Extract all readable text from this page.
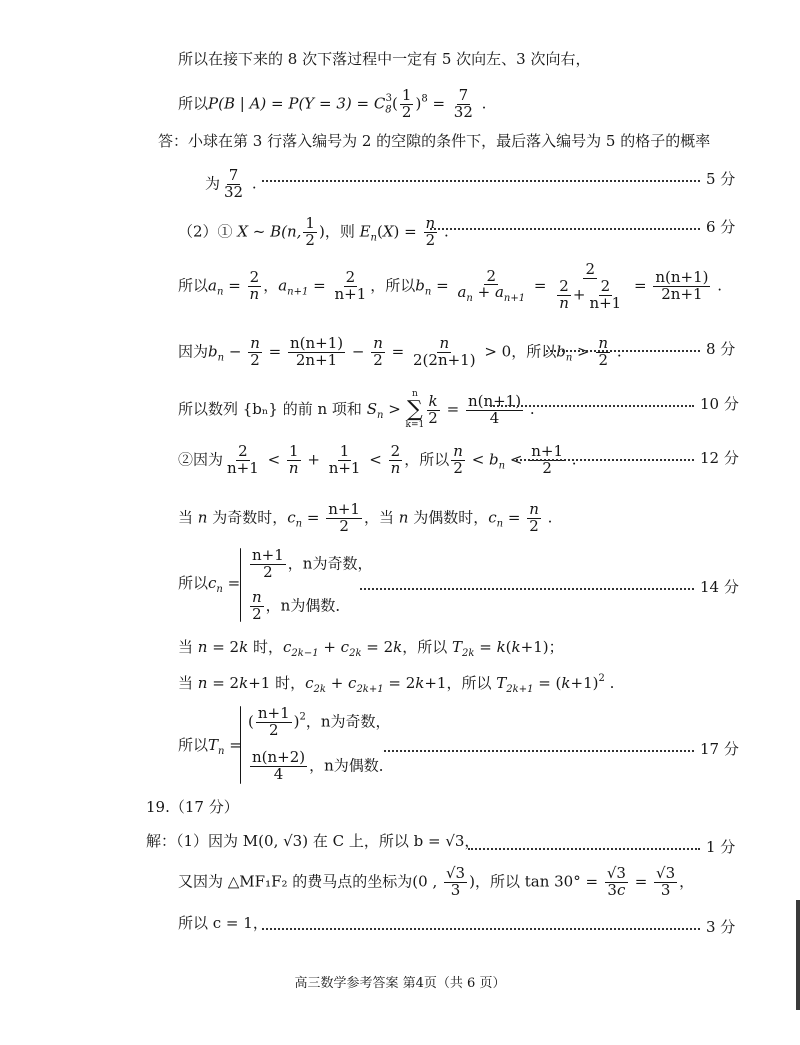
所以在接下来的 8 次下落过程中一定有 5 次向左、3 次向右，
所以P(B | $A) = P(Y = 3) = C_8^3( \frac{1}{2} )^8 = \frac{7}{32}$ .
答：小球在第 3 行落入编号为 2 的空隙的条件下，最后落入编号为 5 的格子的概率
为 $\frac{7}{32}$ .	5 分
（2）① X ~ B(n, $\frac{1}{2}$ )，则 $E_n(X) = \frac{n}{2}$ .	6 分
所以$a_n = \frac{2}{n}$ ，$a_{n+1} = \frac{2}{n+1}$ ，所以$b_n = \frac{2}{a_n + a_{n+1}} = \frac{2}{\frac{2}{n} + \frac{2}{n+1}} = \frac{n(n+1)}{2n+1}$ .
因为$b_n - \frac{n}{2} = \frac{n(n+1)}{2n+1} - \frac{n}{2} = \frac{n}{2(2n+1)} > 0$，所以$b_n > \frac{n}{2}$ .	8 分
所以数列 {bₙ} 的前 n 项和 $S_n$ >
n
∑
$k=1 \frac{k}{2} = \frac{n(n+1)}{4}$ .	10 分
②因为 $\frac{2}{n+1} < \frac{1}{n} + \frac{1}{n+1} < \frac{2}{n}$ ，所以 $\frac{n}{2} < b_n < \frac{n+1}{2}$ .	12 分
当 n 为奇数时，$c_n = \frac{n+1}{2}$ ，当 n 为偶数时，$c_n = \frac{n}{2}$ .
所以$c_n$ =
$\frac{n+1}{2}$ ，n为奇数，
$\frac{n}{2}$ ，n为偶数．
14 分
当 n = 2k 时，$c_{2k-1} + c_{2k} = 2k$，所以 $T_{2k} = k(k+1)$；
当 n = 2k+1 时，$c_{2k} + c_{2k+1} = 2k+1$，所以 $T_{2k+1} = (k+1)^2$ .
所以$T_n$ =
( $\frac{n+1}{2} )^2$，n为奇数，
$\frac{n(n+2)}{4}$ ，n为偶数．
17 分
19.（17 分）
解：（1）因为 M(0, √3) 在 C 上，所以 b = √3，	1 分
又因为 △MF₁F₂ 的费马点的坐标为(0 , $\frac{√3}{3}$ )，所以 $\tan 30^\circ = \frac{√3}{3c} = \frac{√3}{3}$ ，
所以 c = 1，	3 分
高三数学参考答案 第4页（共 6 页）
